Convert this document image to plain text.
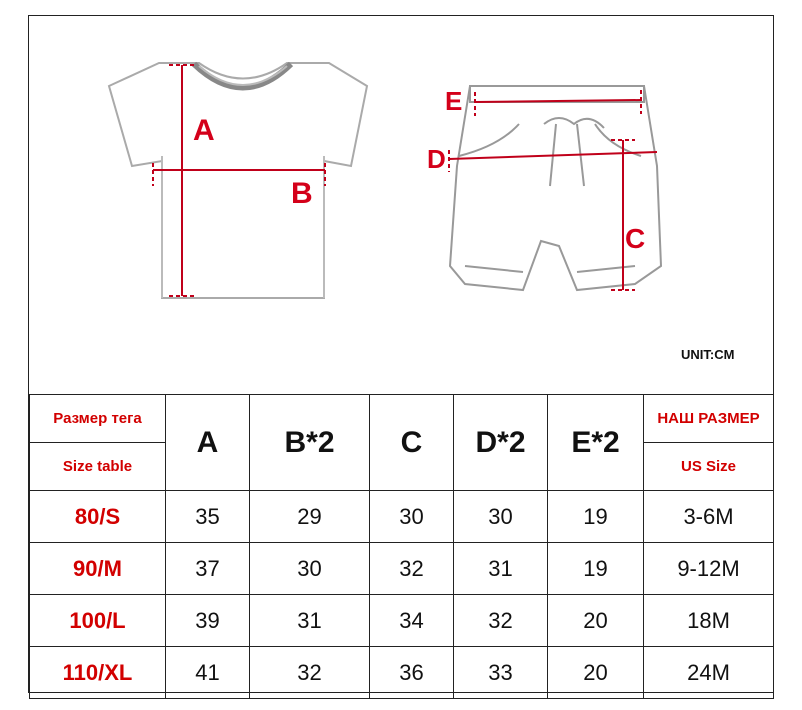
A
B
E
D
C
UNIT:CM
Размер тега	A	B*2	C	D*2	E*2	НАШ РАЗМЕР
Size table						US Size
80/S	35	29	30	30	19	3-6M
90/M	37	30	32	31	19	9-12M
100/L	39	31	34	32	20	18M
110/XL	41	32	36	33	20	24M
